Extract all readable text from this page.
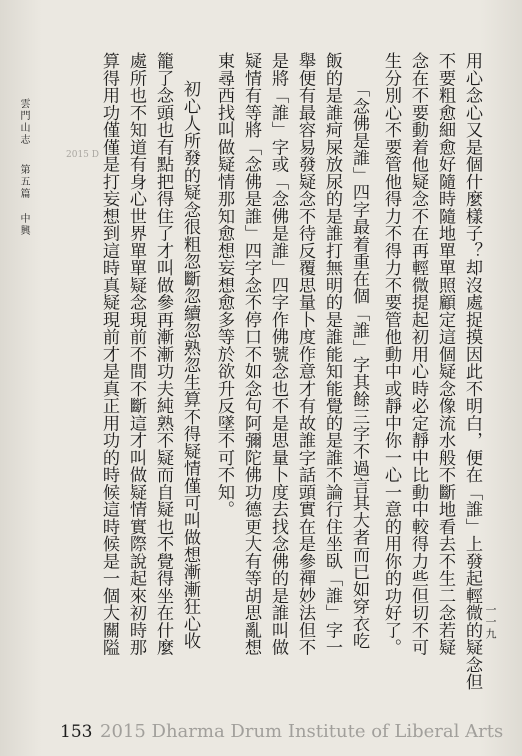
雲門山志第五篇 中興
2015 D	用心念心又是個什麼樣子？却沒處捉摸因此不明白，便在「誰」上發起輕微的疑念但
不要粗愈細愈好隨時隨地單單照顧定這個疑念像流水般不斷地看去不生二念若疑
念在不要動着他疑念不在再輕微提起初用心時必定靜中比動中較得力些但切不可
生分別心不要管他得力不得力不要管他動中或靜中你一心一意的用你的功好了。
「念佛是誰」四字最着重在個「誰」字其餘三字不過言其大者而已如穿衣吃
飯的是誰疴屎放尿的是誰打無明的是誰能知能覺的是誰不論行住坐臥「誰」字一
舉便有最容易發疑念不待反覆思量卜度作意才有故誰字話頭實在是參禪妙法但不
是將「誰」字或「念佛是誰」四字作佛號念也不是思量卜度去找念佛的是誰叫做
疑情有等將「念佛是誰」四字念不停口不如念句阿彌陀佛功德更大有等胡思亂想
東尋西找叫做疑情那知愈想妄想愈多等於欲升反墜不可不知。
初心人所發的疑念很粗忽斷忽續忽熟忽生算不得疑情僅可叫做想漸漸狂心收
籠了念頭也有點把得住了才叫做參再漸漸功夫純熟不疑而自疑也不覺得坐在什麼
處所也不知道有身心世界單單疑念現前不間不斷這才叫做疑情實際說起來初時那
算得用功僅僅是打妄想到這時真疑現前才是真正用功的時候這時候是一個大關隘	一一九
153 2015 Dharma Drum Institute of Liberal Arts
